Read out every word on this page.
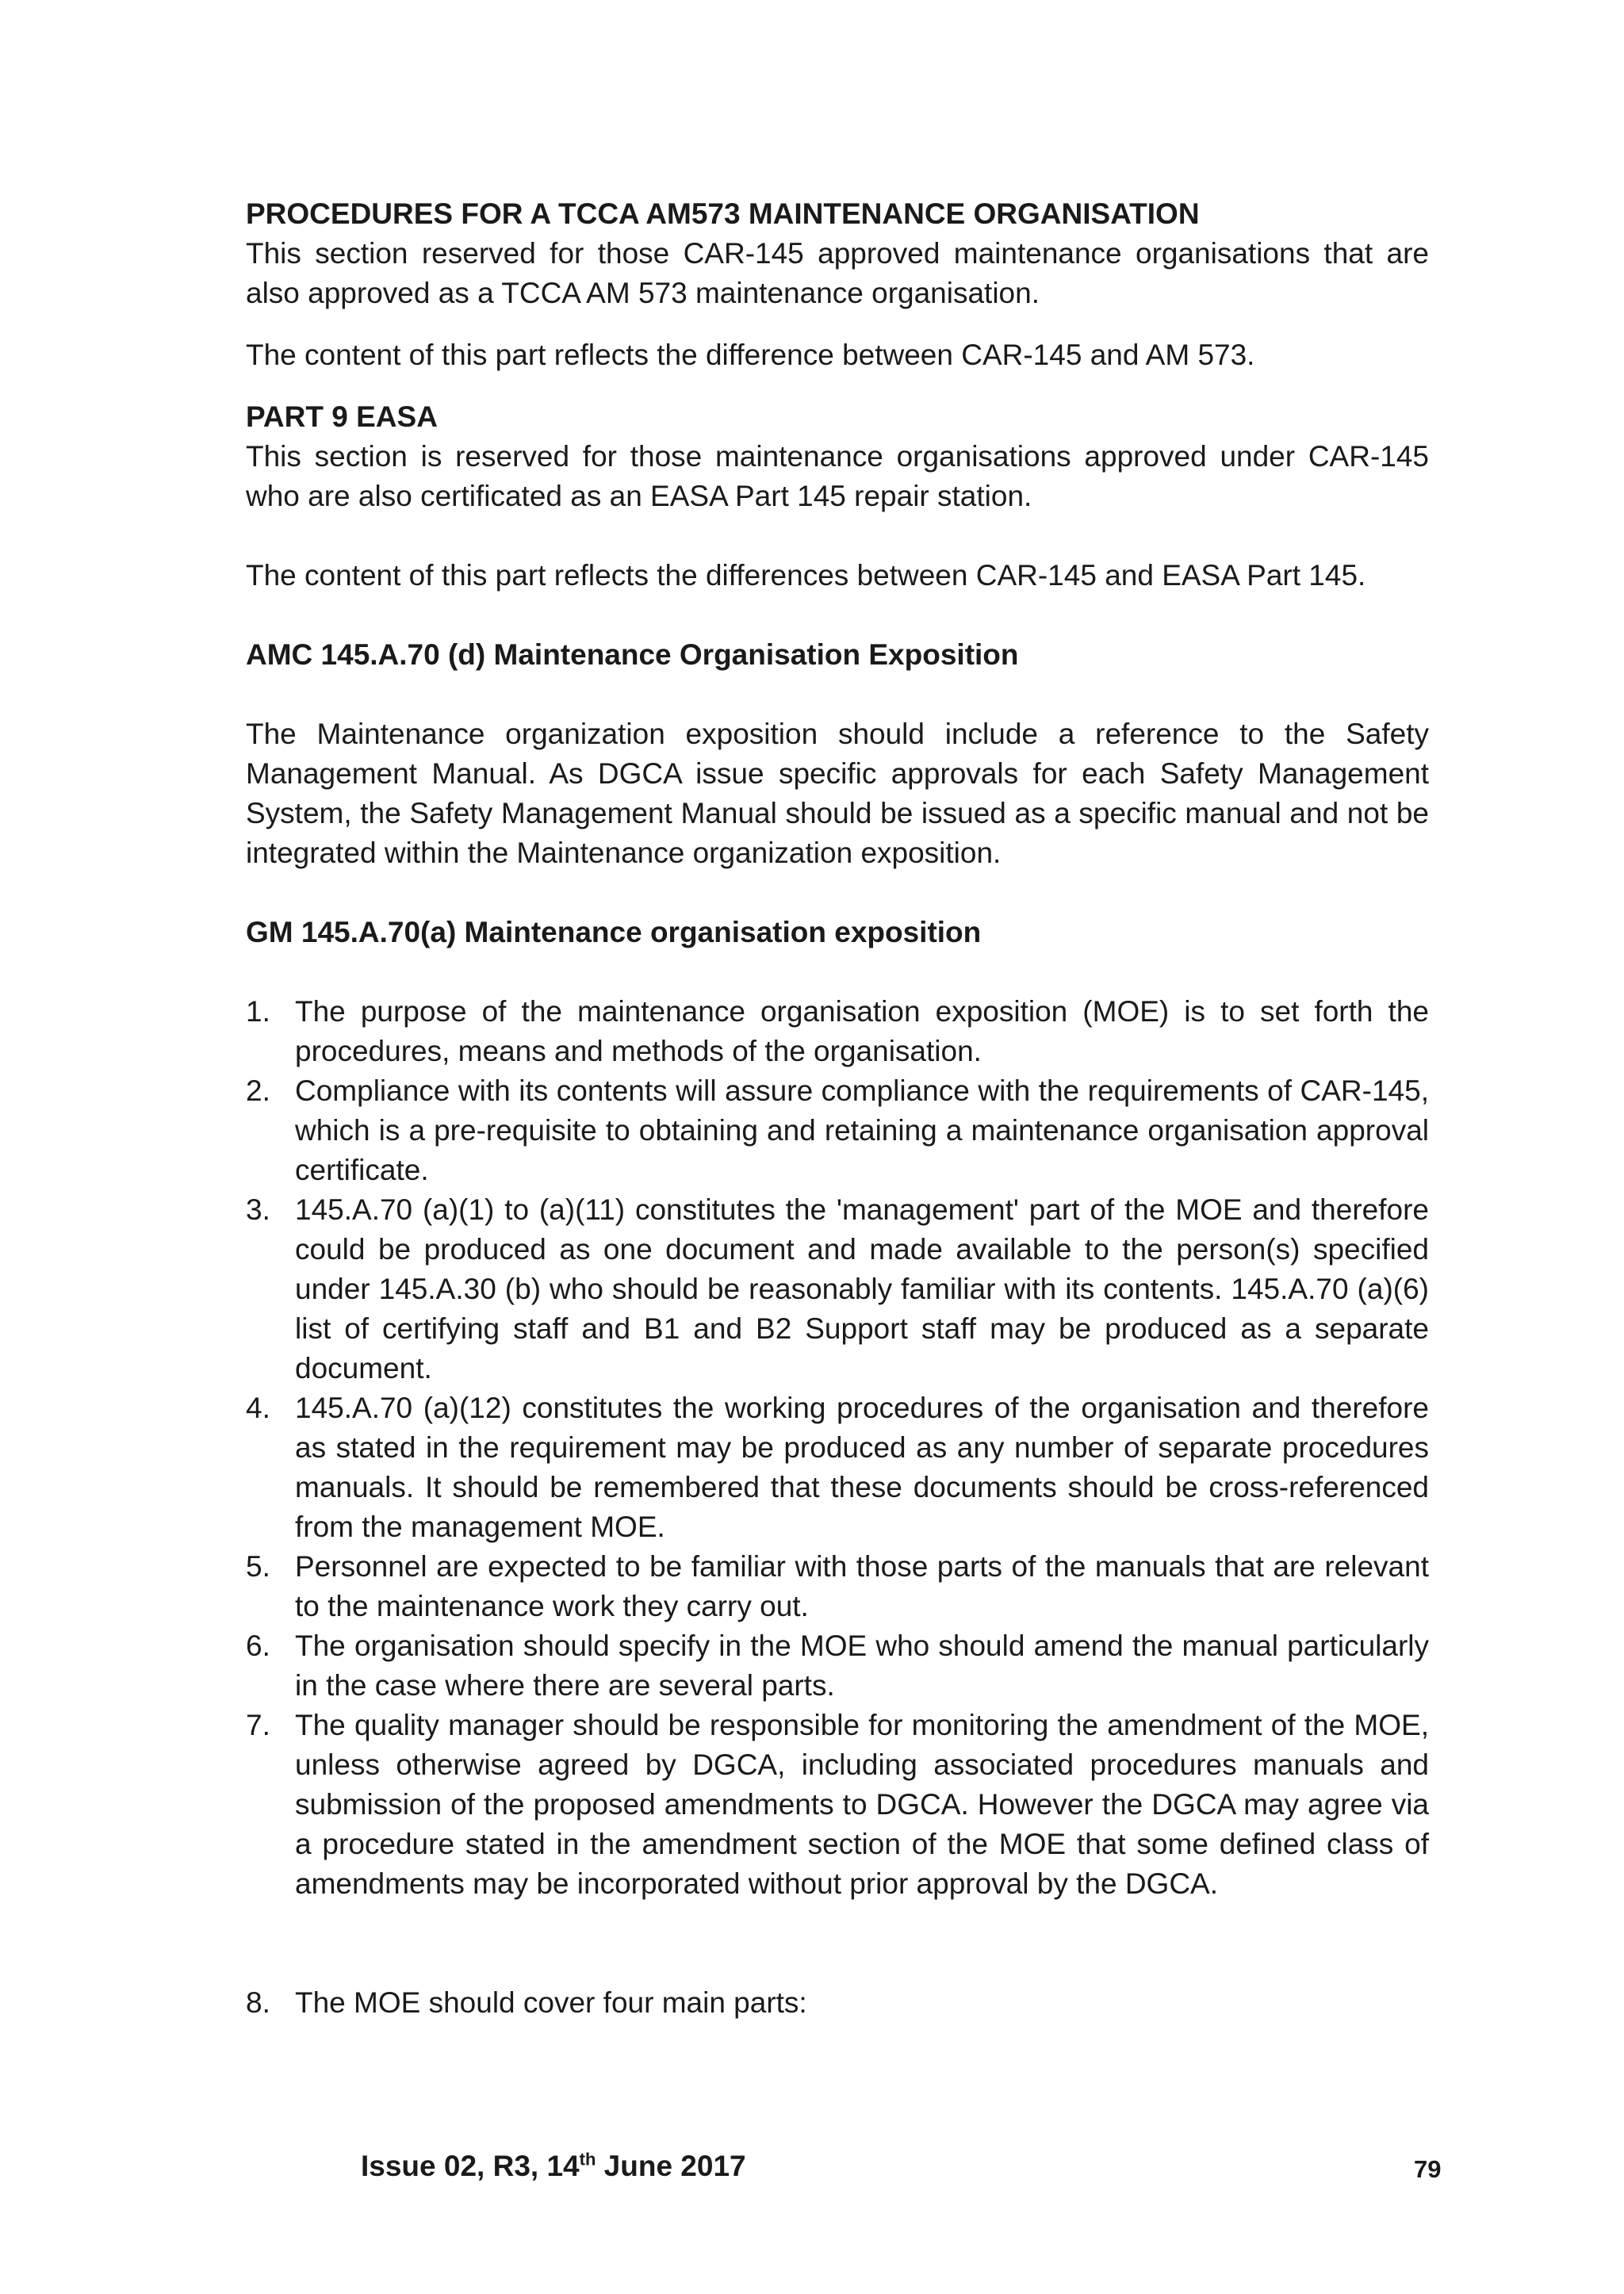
PROCEDURES FOR A TCCA AM573 MAINTENANCE ORGANISATION

This section reserved for those CAR-145 approved maintenance organisations that are also approved as a TCCA AM 573 maintenance organisation.

The content of this part reflects the difference between CAR-145 and AM 573.

PART 9 EASA

This section is reserved for those maintenance organisations approved under CAR-145 who are also certificated as an EASA Part 145 repair station.

The content of this part reflects the differences between CAR-145 and EASA Part 145.

AMC 145.A.70 (d) Maintenance Organisation Exposition

The Maintenance organization exposition should include a reference to the Safety Management Manual. As DGCA issue specific approvals for each Safety Management System, the Safety Management Manual should be issued as a specific manual and not be integrated within the Maintenance organization exposition.

GM 145.A.70(a) Maintenance organisation exposition

1. The purpose of the maintenance organisation exposition (MOE) is to set forth the procedures, means and methods of the organisation.
2. Compliance with its contents will assure compliance with the requirements of CAR-145, which is a pre-requisite to obtaining and retaining a maintenance organisation approval certificate.
3. 145.A.70 (a)(1) to (a)(11) constitutes the 'management' part of the MOE and therefore could be produced as one document and made available to the person(s) specified under 145.A.30 (b) who should be reasonably familiar with its contents. 145.A.70 (a)(6) list of certifying staff and B1 and B2 Support staff may be produced as a separate document.
4. 145.A.70 (a)(12) constitutes the working procedures of the organisation and therefore as stated in the requirement may be produced as any number of separate procedures manuals. It should be remembered that these documents should be cross-referenced from the management MOE.
5. Personnel are expected to be familiar with those parts of the manuals that are relevant to the maintenance work they carry out.
6. The organisation should specify in the MOE who should amend the manual particularly in the case where there are several parts.
7. The quality manager should be responsible for monitoring the amendment of the MOE, unless otherwise agreed by DGCA, including associated procedures manuals and submission of the proposed amendments to DGCA. However the DGCA may agree via a procedure stated in the amendment section of the MOE that some defined class of amendments may be incorporated without prior approval by the DGCA.
8. The MOE should cover four main parts:
Issue 02, R3, 14th June 2017	79
